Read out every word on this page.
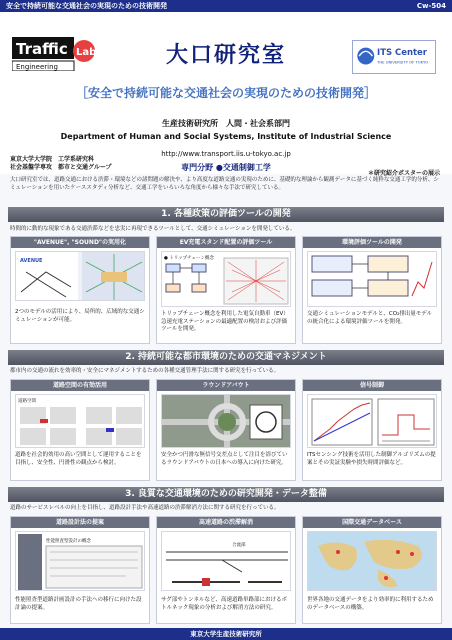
安全で持続可能な交通社会の実現のための技術開発	Cw-504
Traffic Lab
Engineering	大口研究室	ITS Center
THE UNIVERSITY OF TOKYO
［安全で持続可能な交通社会の実現のための技術開発］
生産技術研究所　人間・社会系部門
Department of Human and Social Systems, Institute of Industrial Science
http://www.transport.iis.u-tokyo.ac.jp
専門分野 ●交通制御工学
東京大学大学院　工学系研究科
社会基盤学専攻　都市と交通グループ
＊研究紹介ポスターの展示
大口研究室では、道路交通における渋滞・環境などの諸問題の解決や、より高度な道路交通の実現のために、基礎的な理論から観測データに基づく純粋な交通工学的分析、シミュレーションを用いたケーススタディ分析など、交通工学をいろいろな角度から様々な手法で研究している。
1. 各種政策の評価ツールの開発
時間的に動的な現象である交通渋滞などを忠実に再現できるツールとして、交通シミュレーションを開発している。
"AVENUE", "SOUND"の実用化
AVENUE
2つのモデルの活用により、局所的、広域的な交通シミュレーションが可能。
EV充電スタンド配置の評価ツール
● トリップチェーン概念
トリップチェーン概念を利用した電気自動車（EV）急速充電ステーションの最適配置の検討および評価ツールを開発。
環境評価ツールの開発
交通シミュレーションモデルと、CO₂排出量モデルの統合化による環境評価ツールを開発。
2. 持続可能な都市環境のための交通マネジメント
都市内の交通の流れを効率的・安全にマネジメントするための各種交通管理手法に関する研究を行っている。
道路空間の有効活用
道路空間
道路を社会的効用の高い空間として運用することを目指し、安全性、円滑性の観点から検討。
ラウンドアバウト
安全かつ円滑な無信号交差点として注目を浴びているラウンドアバウトの日本への導入に向けた研究。
信号制御
ITSセンシング技術を活用した制御アルゴリズムの提案とその実証実験や損失時間評価など。
3. 良質な交通環境のための研究開発・データ整備
道路のサービスレベルの向上を目指し、道路設計手法や高速道路の渋滞解消方法に関する研究を行っている。
道路設計法の提案
性能照査型設計の概念
性能照査型道路計画設計の手法への移行に向けた設計論の提案。
高速道路の渋滞解消
合流部
サグ部やトンネルなど、高速道路単路部におけるボトルネック現象の分析および解消方法の研究。
国際交通データベース
世界各地の交通データをより効率的に利用するためのデータベースの構築。
東京大学生産技術研究所
